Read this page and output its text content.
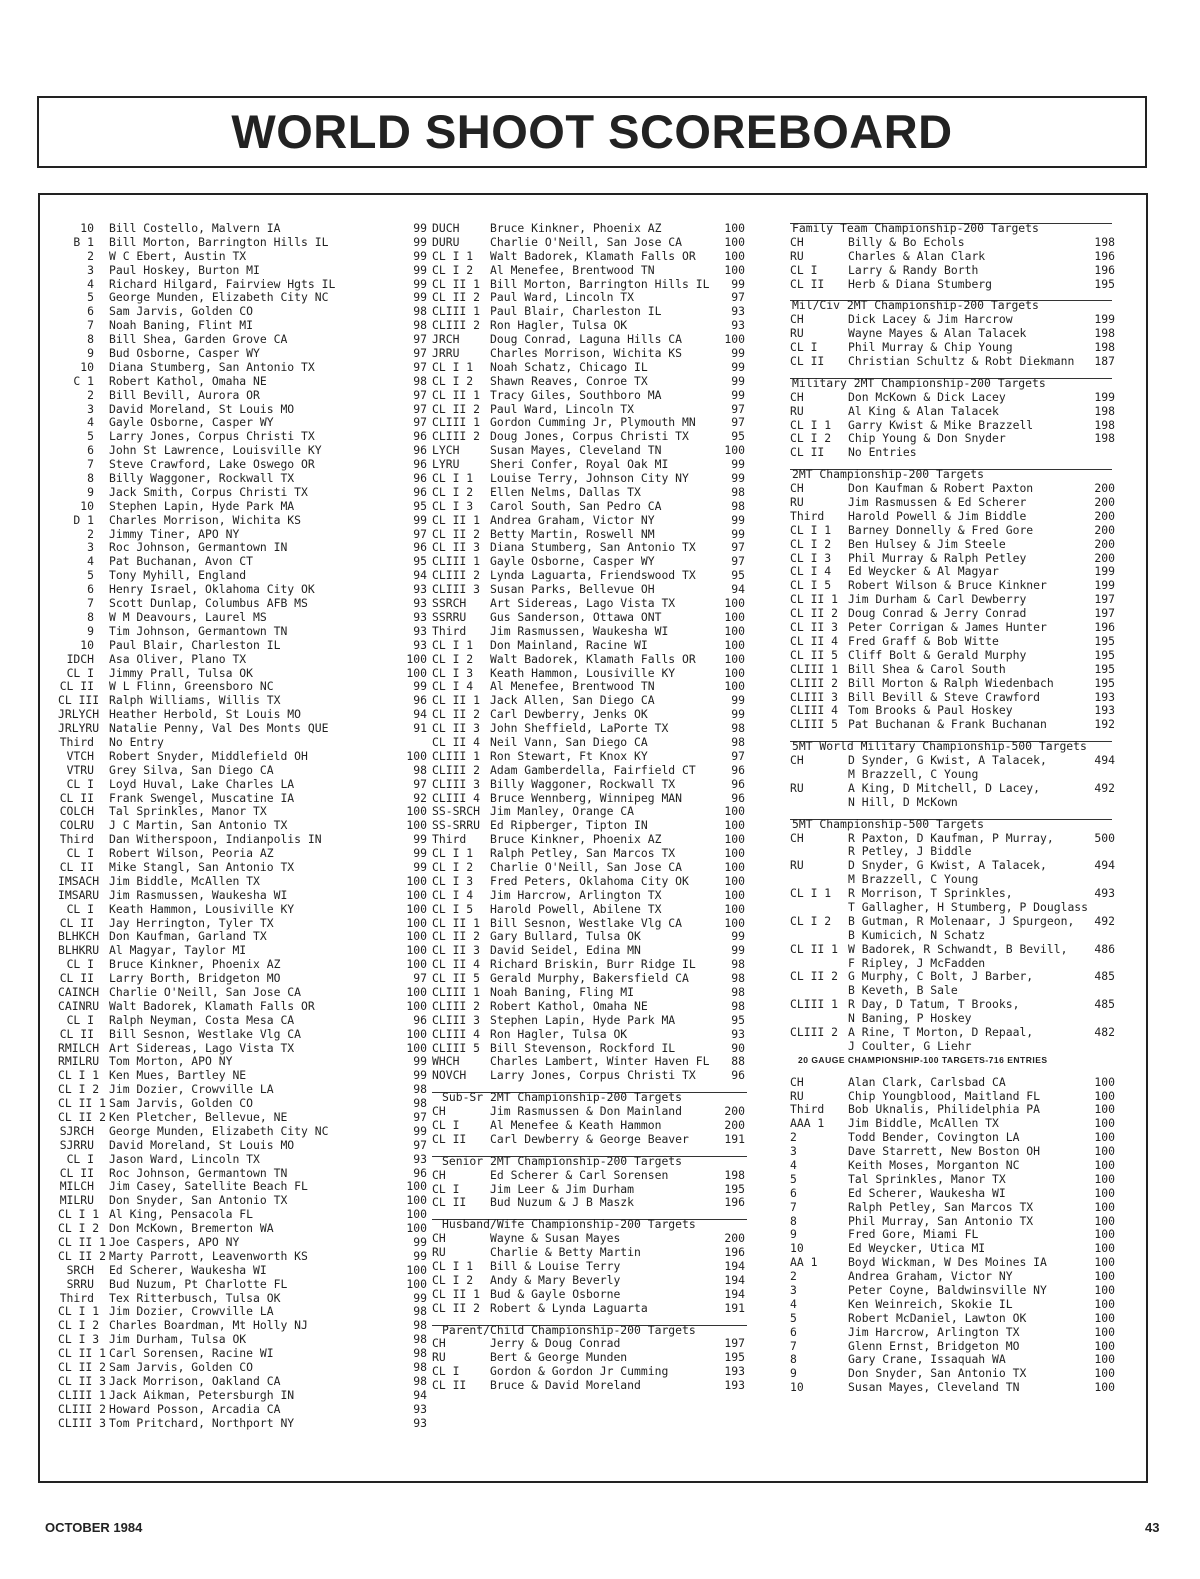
WORLD SHOOT SCOREBOARD
10 Bill Costello, Malvern IA	99
B 1 Bill Morton, Barrington Hills IL	99
2 W C Ebert, Austin TX	99
3 Paul Hoskey, Burton MI	99
4 Richard Hilgard, Fairview Hgts IL	99
5 George Munden, Elizabeth City NC	99
6 Sam Jarvis, Golden CO	98
7 Noah Baning, Flint MI	98
8 Bill Shea, Garden Grove CA	97
9 Bud Osborne, Casper WY	97
10 Diana Stumberg, San Antonio TX	97
C 1 Robert Kathol, Omaha NE	98
2 Bill Bevill, Aurora OR	97
3 David Moreland, St Louis MO	97
4 Gayle Osborne, Casper WY	97
5 Larry Jones, Corpus Christi TX	96
6 John St Lawrence, Louisville KY	96
7 Steve Crawford, Lake Oswego OR	96
8 Billy Waggoner, Rockwall TX	96
9 Jack Smith, Corpus Christi TX	96
10 Stephen Lapin, Hyde Park MA	95
D 1 Charles Morrison, Wichita KS	99
2 Jimmy Tiner, APO NY	97
3 Roc Johnson, Germantown IN	96
4 Pat Buchanan, Avon CT	95
5 Tony Myhill, England	94
6 Henry Israel, Oklahoma City OK	93
7 Scott Dunlap, Columbus AFB MS	93
8 W M Deavours, Laurel MS	93
9 Tim Johnson, Germantown TN	93
10 Paul Blair, Charleston IL	93
IDCH Asa Oliver, Plano TX	100
CL I Jimmy Prall, Tulsa OK	100
CL II W L Flinn, Greensboro NC	99
CL III Ralph Williams, Willis TX	96
JRLYCH Heather Herbold, St Louis MO	94
JRLYRU Natalie Penny, Val Des Monts QUE	91
Third No Entry
VTCH Robert Snyder, Middlefield OH	100
VTRU Grey Silva, San Diego CA	98
CL I Loyd Huval, Lake Charles LA	97
CL II Frank Swengel, Muscatine IA	92
COLCH Tal Sprinkles, Manor TX	100
COLRU J C Martin, San Antonio TX	100
Third Dan Witherspoon, Indianpolis IN	99
CL I Robert Wilson, Peoria AZ	99
CL II Mike Stangl, San Antonio TX	99
IMSACH Jim Biddle, McAllen TX	100
IMSARU Jim Rasmussen, Waukesha WI	100
CL I Keath Hammon, Lousiville KY	100
CL II Jay Herrington, Tyler TX	100
BLHKCH Don Kaufman, Garland TX	100
BLHKRU Al Magyar, Taylor MI	100
CL I Bruce Kinkner, Phoenix AZ	100
CL II Larry Borth, Bridgeton MO	97
CAINCH Charlie O'Neill, San Jose CA	100
CAINRU Walt Badorek, Klamath Falls OR	100
CL I Ralph Neyman, Costa Mesa CA	96
CL II Bill Sesnon, Westlake Vlg CA	100
RMILCH Art Sidereas, Lago Vista TX	100
RMILRU Tom Morton, APO NY	99
CL I 1 Ken Mues, Bartley NE	99
CL I 2 Jim Dozier, Crowville LA	98
CL II 1 Sam Jarvis, Golden CO	98
CL II 2 Ken Pletcher, Bellevue, NE	97
SJRCH George Munden, Elizabeth City NC	99
SJRRU David Moreland, St Louis MO	97
CL I Jason Ward, Lincoln TX	93
CL II Roc Johnson, Germantown TN	96
MILCH Jim Casey, Satellite Beach FL	100
MILRU Don Snyder, San Antonio TX	100
CL I 1 Al King, Pensacola FL	100
CL I 2 Don McKown, Bremerton WA	100
CL II 1 Joe Caspers, APO NY	99
CL II 2 Marty Parrott, Leavenworth KS	99
SRCH Ed Scherer, Waukesha WI	100
SRRU Bud Nuzum, Pt Charlotte FL	100
Third Tex Ritterbusch, Tulsa OK	99
CL I 1 Jim Dozier, Crowville LA	98
CL I 2 Charles Boardman, Mt Holly NJ	98
CL I 3 Jim Durham, Tulsa OK	98
CL II 1 Carl Sorensen, Racine WI	98
CL II 2 Sam Jarvis, Golden CO	98
CL II 3 Jack Morrison, Oakland CA	98
CLIII 1 Jack Aikman, Petersburgh IN	94
CLIII 2 Howard Posson, Arcadia CA	93
CLIII 3 Tom Pritchard, Northport NY	93
DUCH	Bruce Kinkner, Phoenix AZ	100
DURU	Charlie O'Neill, San Jose CA	100
CL I 1 Walt Badorek, Klamath Falls OR	100
CL I 2 Al Menefee, Brentwood TN	100
CL II 1 Bill Morton, Barrington Hills IL	99
CL II 2 Paul Ward, Lincoln TX	97
CLIII 1 Paul Blair, Charleston IL	93
CLIII 2 Ron Hagler, Tulsa OK	93
JRCH	Doug Conrad, Laguna Hills CA	100
JRRU	Charles Morrison, Wichita KS	99
CL I 1 Noah Schatz, Chicago IL	99
CL I 2 Shawn Reaves, Conroe TX	99
CL II 1 Tracy Giles, Southboro MA	99
CL II 2 Paul Ward, Lincoln TX	97
CLIII 1 Gordon Cumming Jr, Plymouth MN	97
CLIII 2 Doug Jones, Corpus Christi TX	95
LYCH	Susan Mayes, Cleveland TN	100
LYRU	Sheri Confer, Royal Oak MI	99
CL I 1 Louise Terry, Johnson City NY	99
CL I 2 Ellen Nelms, Dallas TX	98
CL I 3 Carol South, San Pedro CA	98
CL II 1 Andrea Graham, Victor NY	99
CL II 2 Betty Martin, Roswell NM	99
CL II 3 Diana Stumberg, San Antonio TX	97
CLIII 1 Gayle Osborne, Casper WY	97
CLIII 2 Lynda Laguarta, Friendswood TX	95
CLIII 3 Susan Parks, Bellevue OH	94
SSRCH Art Sidereas, Lago Vista TX	100
SSRRU Gus Sanderson, Ottawa ONT	100
Third Jim Rasmussen, Waukesha WI	100
CL I 1 Don Mainland, Racine WI	100
CL I 2 Walt Badorek, Klamath Falls OR	100
CL I 3 Keath Hammon, Lousiville KY	100
CL I 4 Al Menefee, Brentwood TN	100
CL II 1 Jack Allen, San Diego CA	99
CL II 2 Carl Dewberry, Jenks OK	99
CL II 3 John Sheffield, LaPorte TX	98
CL II 4 Neil Vann, San Diego CA	98
CLIII 1 Ron Stewart, Ft Knox KY	97
CLIII 2 Adam Gamberdella, Fairfield CT	96
CLIII 3 Billy Waggoner, Rockwall TX	96
CLIII 4 Bruce Wennberg, Winnipeg MAN	96
SS-SRCH Jim Manley, Orange CA	100
SS-SRRU Ed Ripberger, Tipton IN	100
Third Bruce Kinkner, Phoenix AZ	100
CL I 1 Ralph Petley, San Marcos TX	100
CL I 2 Charlie O'Neill, San Jose CA	100
CL I 3 Fred Peters, Oklahoma City OK	100
CL I 4 Jim Harcrow, Arlington TX	100
CL I 5 Harold Powell, Abilene TX	100
CL II 1 Bill Sesnon, Westlake Vlg CA	100
CL II 2 Gary Bullard, Tulsa OK	99
CL II 3 David Seidel, Edina MN	99
CL II 4 Richard Briskin, Burr Ridge IL	98
CL II 5 Gerald Murphy, Bakersfield CA	98
CLIII 1 Noah Baning, Fling MI	98
CLIII 2 Robert Kathol, Omaha NE	98
CLIII 3 Stephen Lapin, Hyde Park MA	95
CLIII 4 Ron Hagler, Tulsa OK	93
CLIII 5 Bill Stevenson, Rockford IL	90
WHCH	Charles Lambert, Winter Haven FL	88
NOVCH Larry Jones, Corpus Christi TX	96
Sub-Sr 2MT Championship-200 Targets
CH	Jim Rasmussen & Don Mainland	200
CL I	Al Menefee & Keath Hammon	200
CL II Carl Dewberry & George Beaver	191
Senior 2MT Championship-200 Targets
CH	Ed Scherer & Carl Sorensen	198
CL I	Jim Leer & Jim Durham	195
CL II Bud Nuzum & J B Maszk	196
Husband/Wife Championship-200 Targets
CH	Wayne & Susan Mayes	200
RU	Charlie & Betty Martin	196
CL I 1 Bill & Louise Terry	194
CL I 2 Andy & Mary Beverly	194
CL II 1 Bud & Gayle Osborne	194
CL II 2 Robert & Lynda Laguarta	191
Parent/Child Championship-200 Targets
CH	Jerry & Doug Conrad	197
RU	Bert & George Munden	195
CL I	Gordon & Gordon Jr Cumming	193
CL II Bruce & David Moreland	193
Family Team Championship-200 Targets
CH	Billy & Bo Echols	198
RU	Charles & Alan Clark	196
CL I	Larry & Randy Borth	196
CL II Herb & Diana Stumberg	195
Mil/Civ 2MT Championship-200 Targets
CH	Dick Lacey & Jim Harcrow	199
RU	Wayne Mayes & Alan Talacek	198
CL I	Phil Murray & Chip Young	198
CL II Christian Schultz & Robt Diekmann	187
Military 2MT Championship-200 Targets
CH	Don McKown & Dick Lacey	199
RU	Al King & Alan Talacek	198
CL I 1 Garry Kwist & Mike Brazzell	198
CL I 2 Chip Young & Don Snyder	198
CL II No Entries
2MT Championship-200 Targets
CH	Don Kaufman & Robert Paxton	200
RU	Jim Rasmussen & Ed Scherer	200
Third Harold Powell & Jim Biddle	200
CL I 1 Barney Donnelly & Fred Gore	200
CL I 2 Ben Hulsey & Jim Steele	200
CL I 3 Phil Murray & Ralph Petley	200
CL I 4 Ed Weycker & Al Magyar	199
CL I 5 Robert Wilson & Bruce Kinkner	199
CL II 1 Jim Durham & Carl Dewberry	197
CL II 2 Doug Conrad & Jerry Conrad	197
CL II 3 Peter Corrigan & James Hunter	196
CL II 4 Fred Graff & Bob Witte	195
CL II 5 Cliff Bolt & Gerald Murphy	195
CLIII 1 Bill Shea & Carol South	195
CLIII 2 Bill Morton & Ralph Wiedenbach	195
CLIII 3 Bill Bevill & Steve Crawford	193
CLIII 4 Tom Brooks & Paul Hoskey	193
CLIII 5 Pat Buchanan & Frank Buchanan	192
5MT World Military Championship-500 Targets
CH	D Synder, G Kwist, A Talacek,	494
M Brazzell, C Young
RU	A King, D Mitchell, D Lacey,	492
N Hill, D McKown
5MT Championship-500 Targets
CH	R Paxton, D Kaufman, P Murray,	500
R Petley, J Biddle
RU	D Snyder, G Kwist, A Talacek,	494
M Brazzell, C Young
CL I 1 R Morrison, T Sprinkles,	493
T Gallagher, H Stumberg, P Douglass
CL I 2 B Gutman, R Molenaar, J Spurgeon,	492
B Kumicich, N Schatz
CL II 1 W Badorek, R Schwandt, B Bevill,	486
F Ripley, J McFadden
CL II 2 G Murphy, C Bolt, J Barber,	485
B Keveth, B Sale
CLIII 1 R Day, D Tatum, T Brooks,	485
N Baning, P Hoskey
CLIII 2 A Rine, T Morton, D Repaal,	482
J Coulter, G Liehr
20 GAUGE CHAMPIONSHIP-100 TARGETS-716 ENTRIES
CH	Alan Clark, Carlsbad CA	100
RU	Chip Youngblood, Maitland FL	100
Third Bob Uknalis, Philidelphia PA	100
AAA 1 Jim Biddle, McAllen TX	100
2	Todd Bender, Covington LA	100
3	Dave Starrett, New Boston OH	100
4	Keith Moses, Morganton NC	100
5	Tal Sprinkles, Manor TX	100
6	Ed Scherer, Waukesha WI	100
7	Ralph Petley, San Marcos TX	100
8	Phil Murray, San Antonio TX	100
9	Fred Gore, Miami FL	100
10	Ed Weycker, Utica MI	100
AA 1	Boyd Wickman, W Des Moines IA	100
2	Andrea Graham, Victor NY	100
3	Peter Coyne, Baldwinsville NY	100
4	Ken Weinreich, Skokie IL	100
5	Robert McDaniel, Lawton OK	100
6	Jim Harcrow, Arlington TX	100
7	Glenn Ernst, Bridgeton MO	100
8	Gary Crane, Issaquah WA	100
9	Don Snyder, San Antonio TX	100
10	Susan Mayes, Cleveland TN	100
OCTOBER 1984	43
